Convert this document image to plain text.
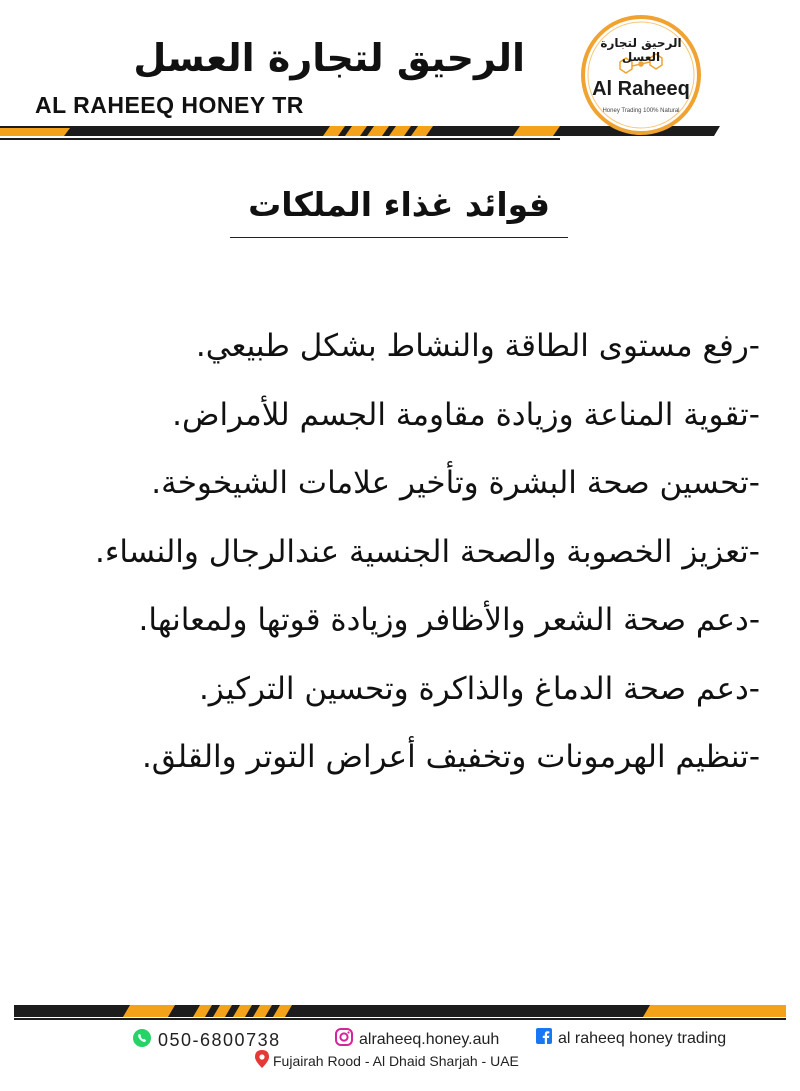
الرحيق لتجارة العسل
AL RAHEEQ HONEY TR
الرحيق لتجارة العسل
Al Raheeq
Honey Trading 100% Natural
فوائد غذاء الملكات
-رفع مستوى الطاقة والنشاط بشكل طبيعي.
-تقوية المناعة وزيادة مقاومة الجسم للأمراض.
-تحسين صحة البشرة وتأخير علامات الشيخوخة.
-تعزيز الخصوبة والصحة الجنسية عندالرجال والنساء.
-دعم صحة الشعر والأظافر وزيادة قوتها ولمعانها.
-دعم صحة الدماغ والذاكرة وتحسين التركيز.
-تنظيم الهرمونات وتخفيف أعراض التوتر والقلق.
050-6800738	alraheeq.honey.auh	al raheeq honey trading
Fujairah Rood - Al Dhaid Sharjah - UAE
